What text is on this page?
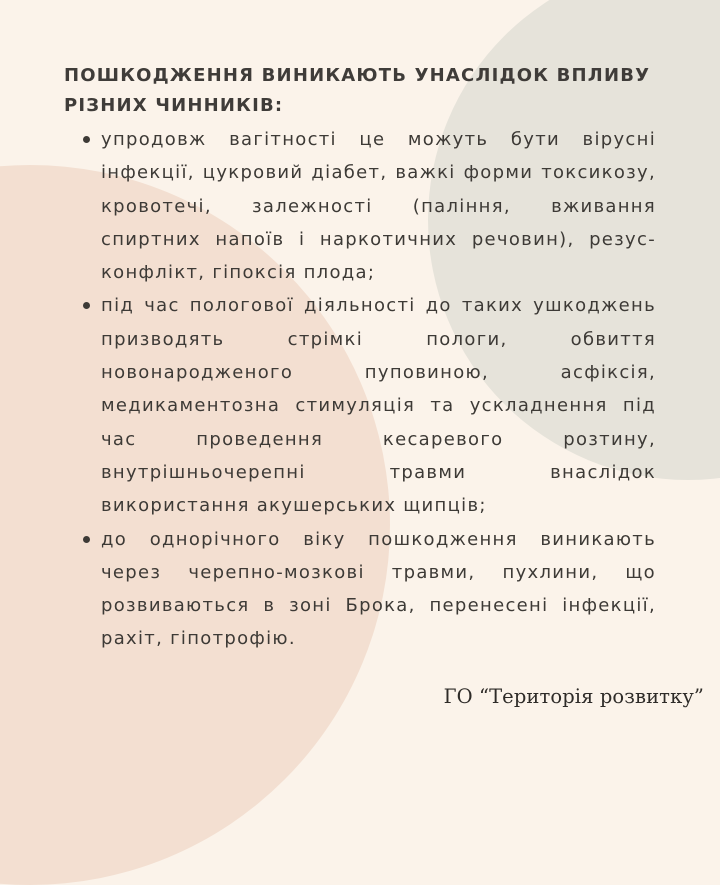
ПОШКОДЖЕННЯ ВИНИКАЮТЬ УНАСЛІДОК ВПЛИВУ РІЗНИХ ЧИННИКІВ:
упродовж вагітності це можуть бути вірусні інфекції, цукровий діабет, важкі форми токсикозу, кровотечі, залежності (паління, вживання спиртних напоїв і наркотичних речовин), резус-конфлікт, гіпоксія плода;
під час пологової діяльності до таких ушкоджень призводять стрімкі пологи, обвиття новонародженого пуповиною, асфіксія, медикаментозна стимуляція та ускладнення під час проведення кесаревого розтину, внутрішньочерепні травми внаслідок використання акушерських щипців;
до однорічного віку пошкодження виникають через черепно-мозкові травми, пухлини, що розвиваються в зоні Брока, перенесені інфекції, рахіт, гіпотрофію.
ГО “Територія розвитку”
